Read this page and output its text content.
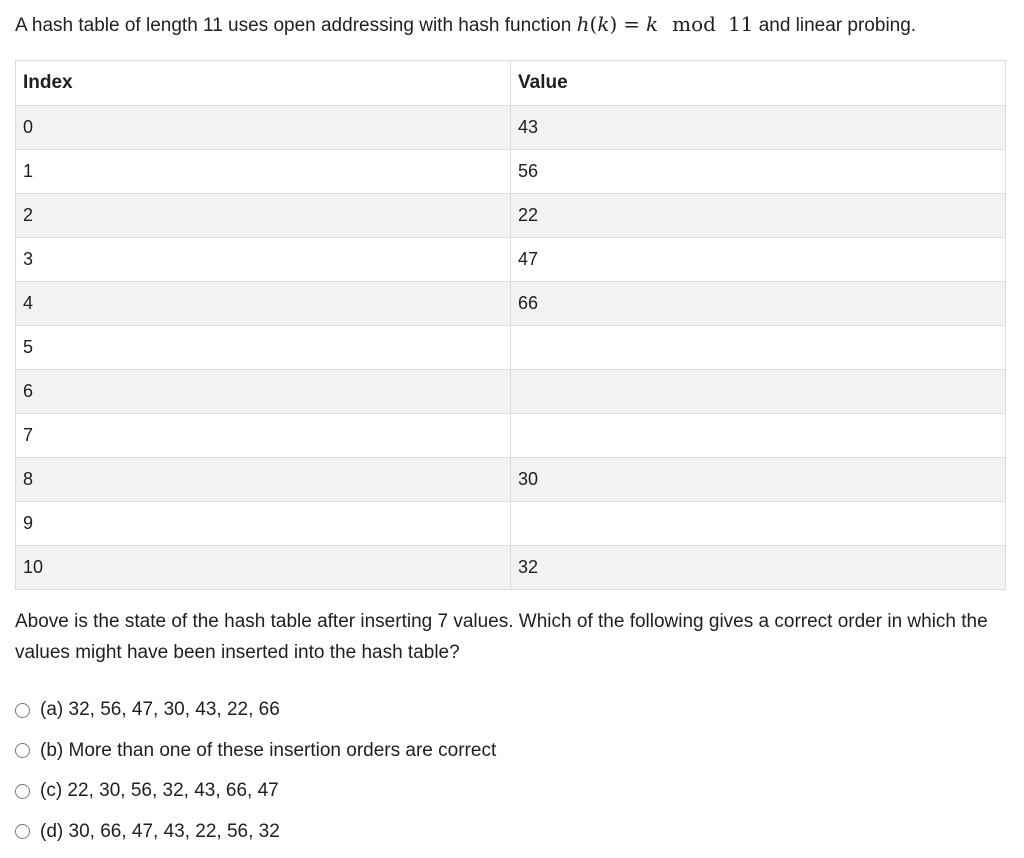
A hash table of length 11 uses open addressing with hash function h(k) = k mod 11 and linear probing.
Index	Value
0	43
1	56
2	22
3	47
4	66
5	
6	
7	
8	30
9	
10	32
Above is the state of the hash table after inserting 7 values. Which of the following gives a correct order in which the values might have been inserted into the hash table?
(a) 32, 56, 47, 30, 43, 22, 66
(b) More than one of these insertion orders are correct
(c) 22, 30, 56, 32, 43, 66, 47
(d) 30, 66, 47, 43, 22, 56, 32
